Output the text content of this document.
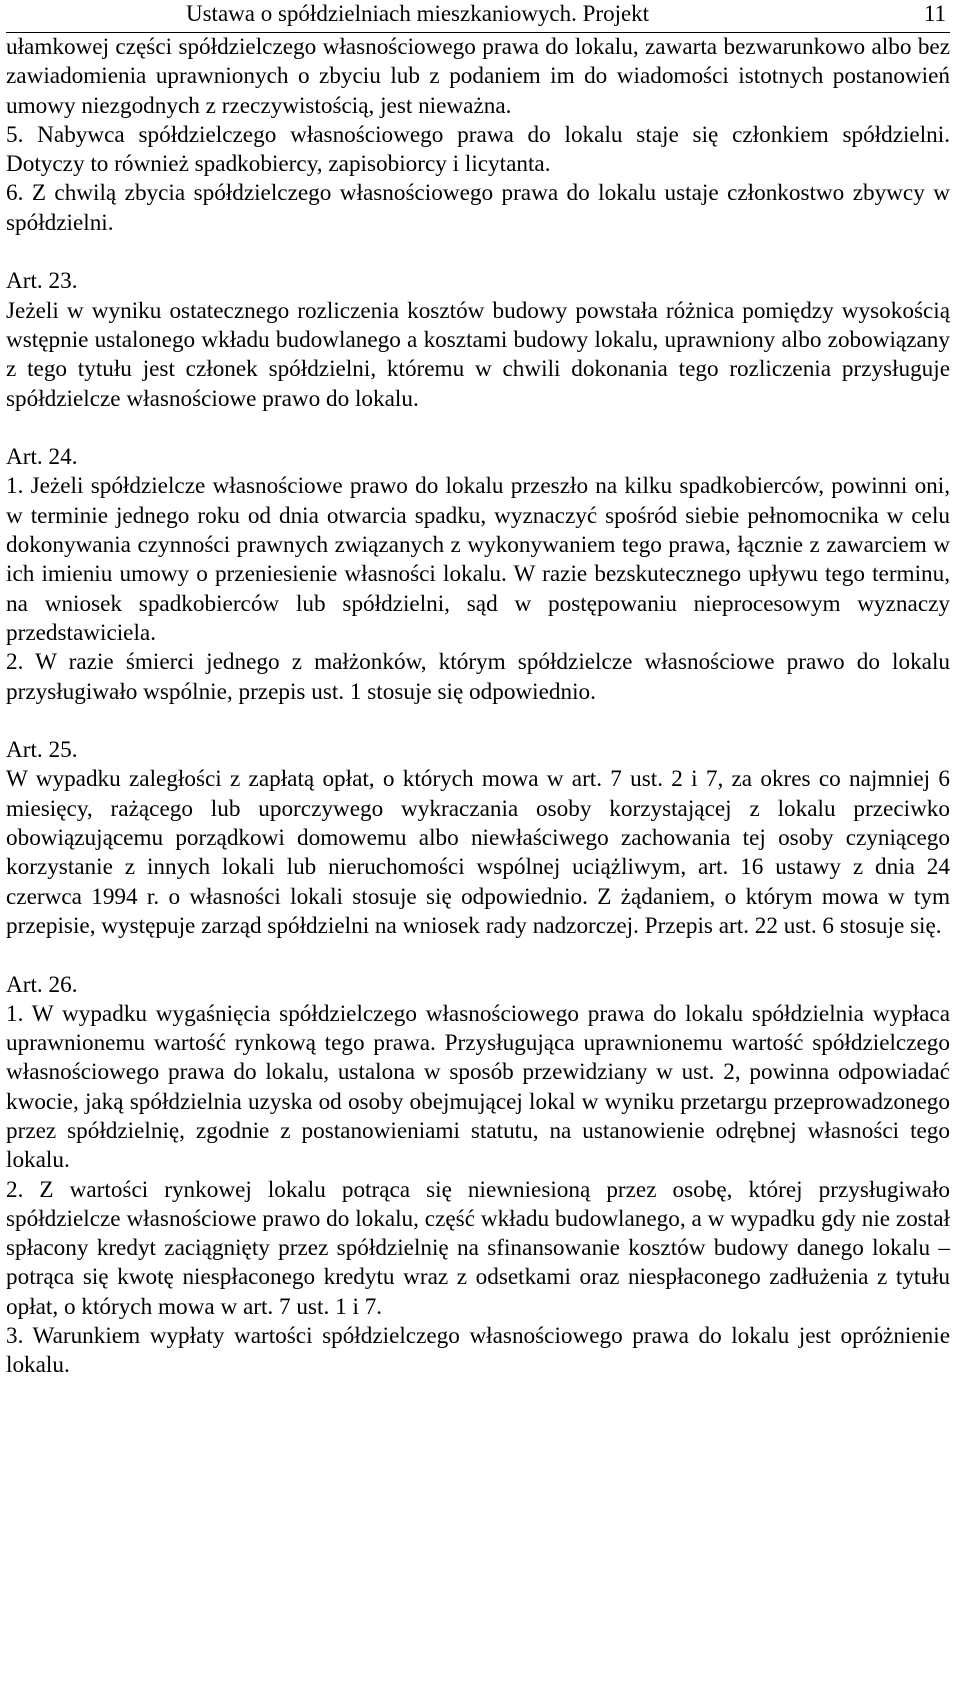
Ustawa o spółdzielniach mieszkaniowych. Projekt	11

ułamkowej części spółdzielczego własnościowego prawa do lokalu, zawarta bezwarunkowo albo bez zawiadomienia uprawnionych o zbyciu lub z podaniem im do wiadomości istotnych postanowień umowy niezgodnych z rzeczywistością, jest nieważna.

5. Nabywca spółdzielczego własnościowego prawa do lokalu staje się członkiem spółdzielni. Dotyczy to również spadkobiercy, zapisobiorcy i licytanta.

6. Z chwilą zbycia spółdzielczego własnościowego prawa do lokalu ustaje członkostwo zbywcy w spółdzielni.

Art. 23.

Jeżeli w wyniku ostatecznego rozliczenia kosztów budowy powstała różnica pomiędzy wysokością wstępnie ustalonego wkładu budowlanego a kosztami budowy lokalu, uprawniony albo zobowiązany z tego tytułu jest członek spółdzielni, któremu w chwili dokonania tego rozliczenia przysługuje spółdzielcze własnościowe prawo do lokalu.

Art. 24.

1. Jeżeli spółdzielcze własnościowe prawo do lokalu przeszło na kilku spadkobierców, powinni oni, w terminie jednego roku od dnia otwarcia spadku, wyznaczyć spośród siebie pełnomocnika w celu dokonywania czynności prawnych związanych z wykonywaniem tego prawa, łącznie z zawarciem w ich imieniu umowy o przeniesienie własności lokalu. W razie bezskutecznego upływu tego terminu, na wniosek spadkobierców lub spółdzielni, sąd w postępowaniu nieprocesowym wyznaczy przedstawiciela.

2. W razie śmierci jednego z małżonków, którym spółdzielcze własnościowe prawo do lokalu przysługiwało wspólnie, przepis ust. 1 stosuje się odpowiednio.

Art. 25.

W wypadku zaległości z zapłatą opłat, o których mowa w art. 7 ust. 2 i 7, za okres co najmniej 6 miesięcy, rażącego lub uporczywego wykraczania osoby korzystającej z lokalu przeciwko obowiązującemu porządkowi domowemu albo niewłaściwego zachowania tej osoby czyniącego korzystanie z innych lokali lub nieruchomości wspólnej uciążliwym, art. 16 ustawy z dnia 24 czerwca 1994 r. o własności lokali stosuje się odpowiednio. Z żądaniem, o którym mowa w tym przepisie, występuje zarząd spółdzielni na wniosek rady nadzorczej. Przepis art. 22 ust. 6 stosuje się.

Art. 26.

1. W wypadku wygaśnięcia spółdzielczego własnościowego prawa do lokalu spółdzielnia wypłaca uprawnionemu wartość rynkową tego prawa. Przysługująca uprawnionemu wartość spółdzielczego własnościowego prawa do lokalu, ustalona w sposób przewidziany w ust. 2, powinna odpowiadać kwocie, jaką spółdzielnia uzyska od osoby obejmującej lokal w wyniku przetargu przeprowadzonego przez spółdzielnię, zgodnie z postanowieniami statutu, na ustanowienie odrębnej własności tego lokalu.

2. Z wartości rynkowej lokalu potrąca się niewniesioną przez osobę, której przysługiwało spółdzielcze własnościowe prawo do lokalu, część wkładu budowlanego, a w wypadku gdy nie został spłacony kredyt zaciągnięty przez spółdzielnię na sfinansowanie kosztów budowy danego lokalu – potrąca się kwotę niespłaconego kredytu wraz z odsetkami oraz niespłaconego zadłużenia z tytułu opłat, o których mowa w art. 7 ust. 1 i 7.

3. Warunkiem wypłaty wartości spółdzielczego własnościowego prawa do lokalu jest opróżnienie lokalu.
